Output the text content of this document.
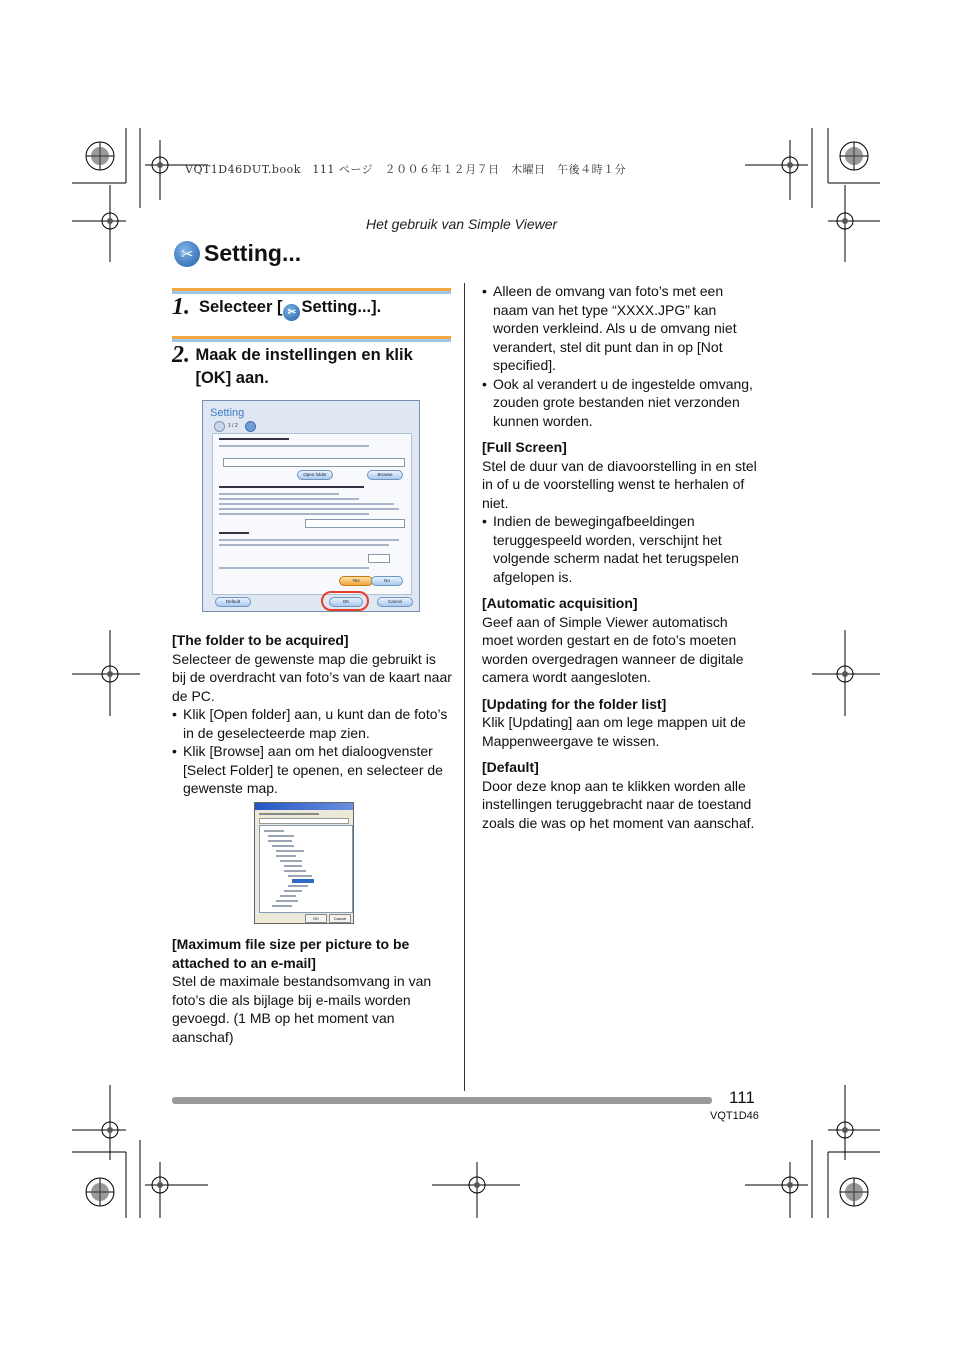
VQT1D46DUT.book　111 ページ　２００６年１２月７日　木曜日　午後４時１分
Het gebruik van Simple Viewer
✂ Setting...
1. Selecteer [ ✂ Setting...].
2. Maak de instellingen en klik [OK] aan.
Setting
1 / 2
Open folder	Browse
Yes	No
Default	OK	Cancel
[The folder to be acquired]

Selecteer de gewenste map die gebruikt is bij de overdracht van foto’s van de kaart naar de PC.

• Klik [Open folder] aan, u kunt dan de foto’s in de geselecteerde map zien.
• Klik [Browse] aan om het dialoogvenster [Select Folder] te openen, en selecteer de gewenste map.
OK	Cancel
[Maximum file size per picture to be attached to an e-mail]

Stel de maximale bestandsomvang in van foto’s die als bijlage bij e-mails worden gevoegd. (1 MB op het moment van aanschaf)

• Alleen de omvang van foto’s met een naam van het type “XXXX.JPG” kan worden verkleind. Als u de omvang niet verandert, stel dit punt dan in op [Not specified].
• Ook al verandert u de ingestelde omvang, zouden grote bestanden niet verzonden kunnen worden.
[Full Screen]

Stel de duur van de diavoorstelling in en stel in of u de voorstelling wenst te herhalen of niet.

• Indien de bewegingafbeeldingen teruggespeeld worden, verschijnt het volgende scherm nadat het terugspelen afgelopen is.
[Automatic acquisition]

Geef aan of Simple Viewer automatisch moet worden gestart en de foto’s moeten worden overgedragen wanneer de digitale camera wordt aangesloten.

[Updating for the folder list]

Klik [Updating] aan om lege mappen uit de Mappenweergave te wissen.

[Default]

Door deze knop aan te klikken worden alle instellingen teruggebracht naar de toestand zoals die was op het moment van aanschaf.

111
VQT1D46
